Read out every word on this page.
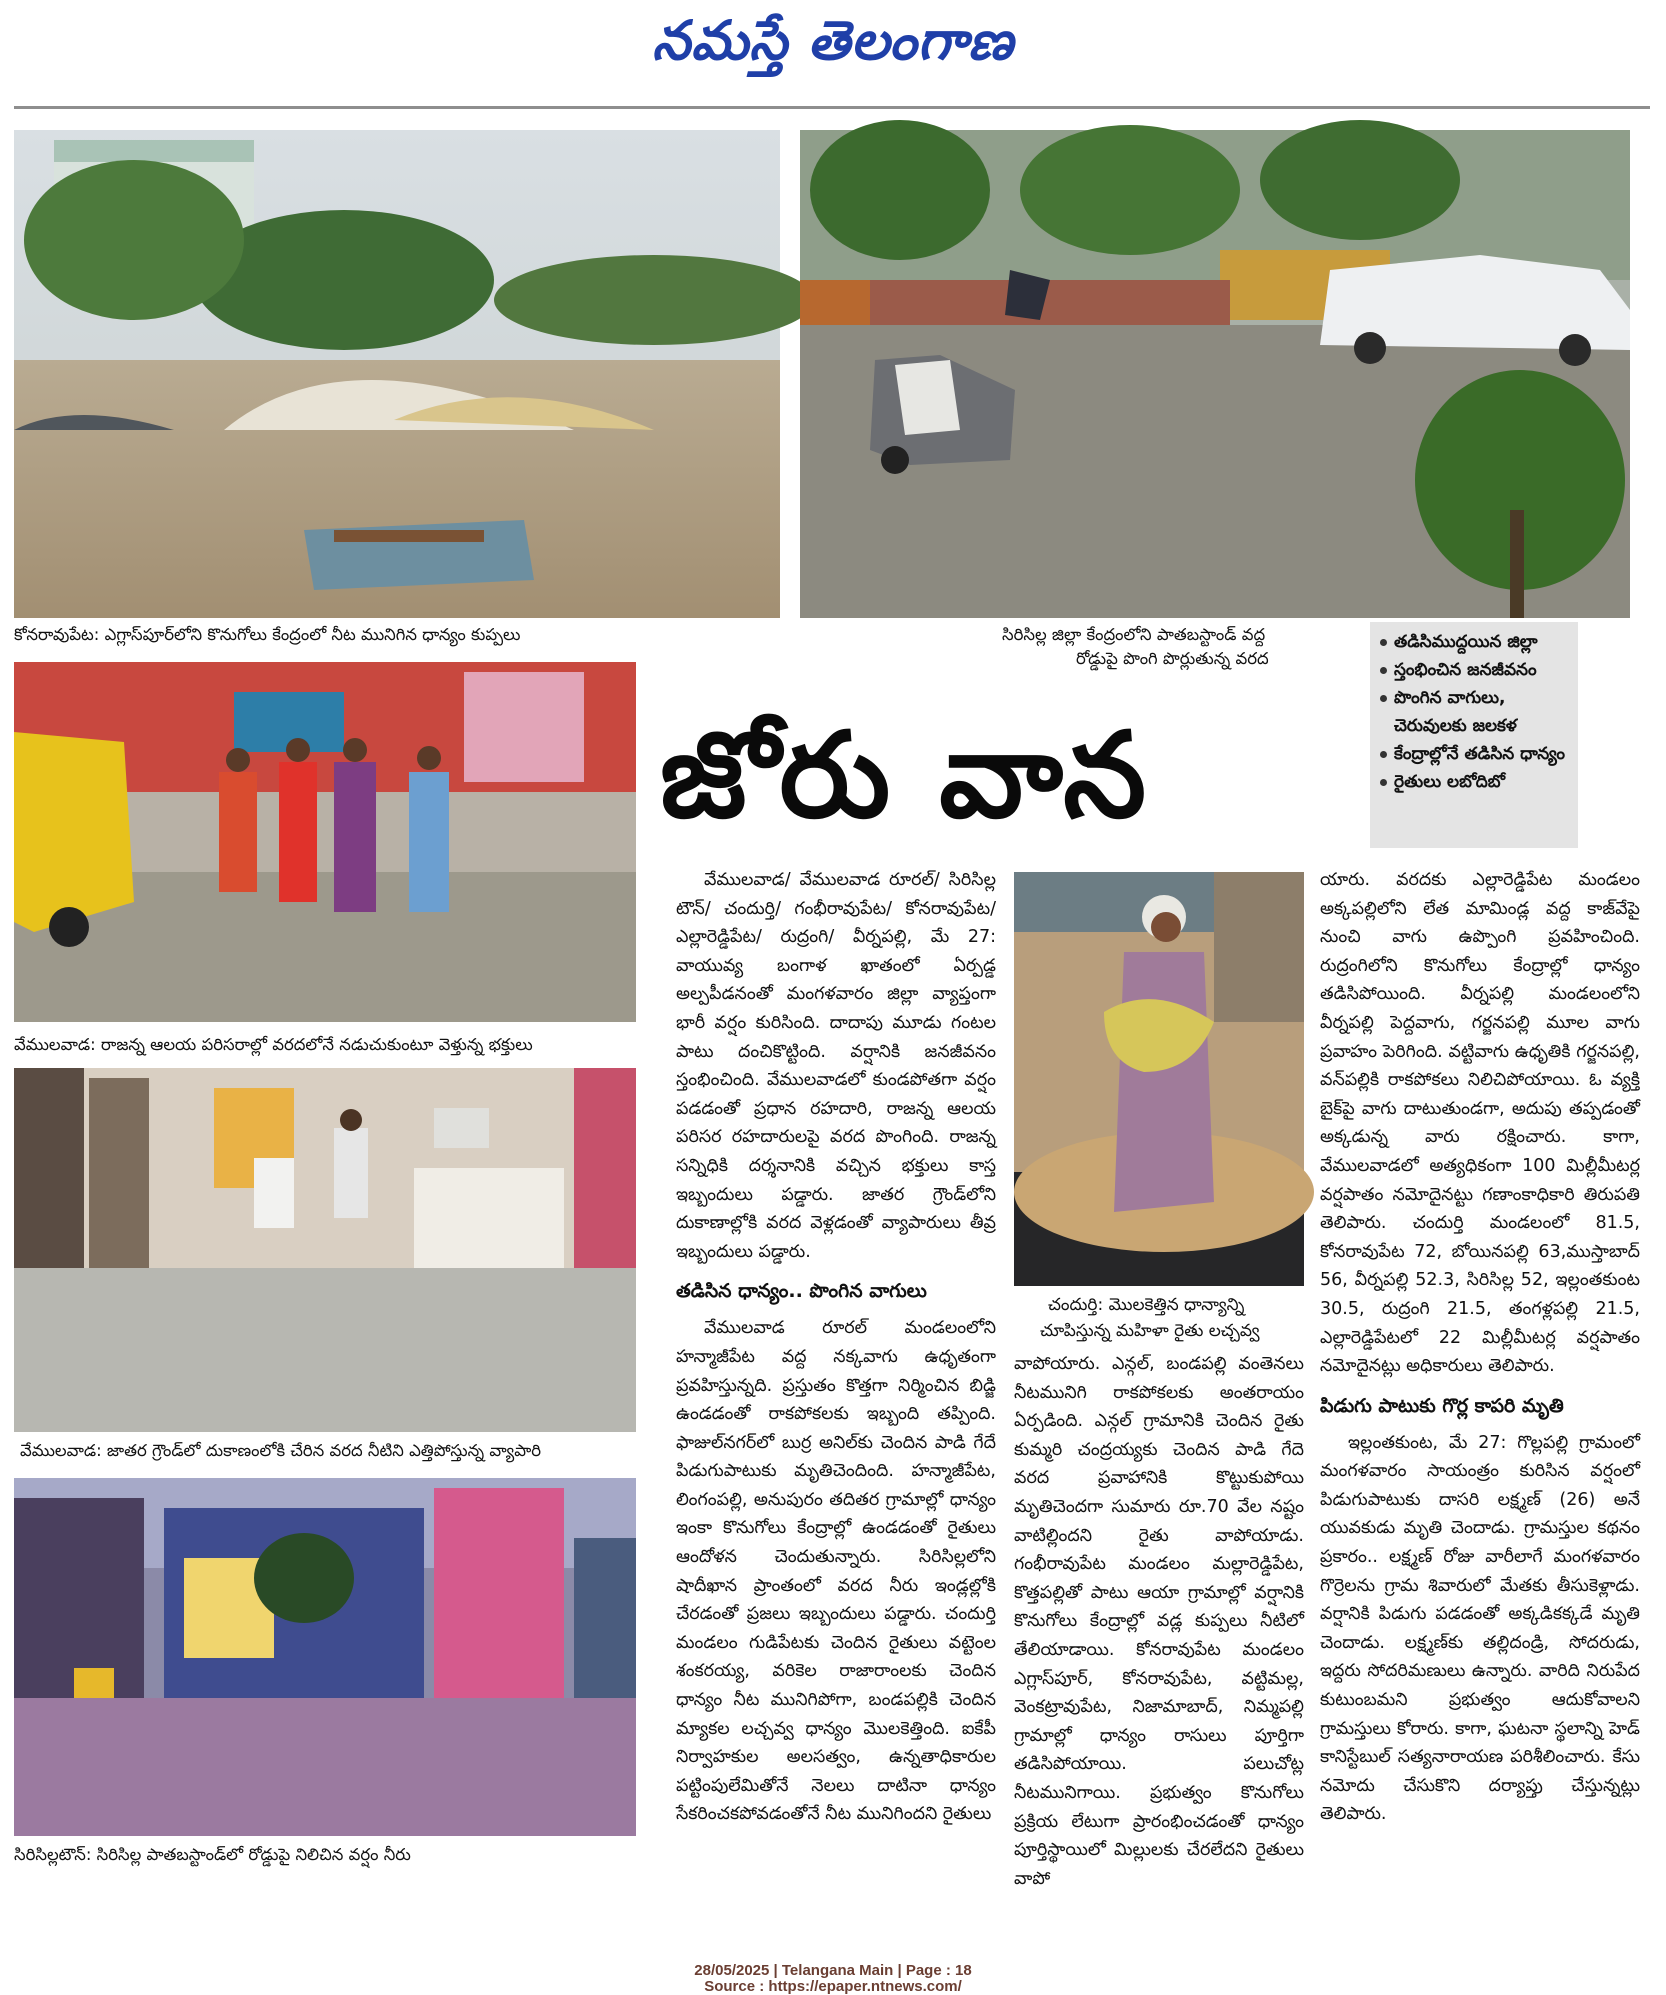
నమస్తే తెలంగాణ
కోనరావుపేట: ఎగ్లాస్‌పూర్‌లోని కొనుగోలు కేంద్రంలో నీట మునిగిన ధాన్యం కుప్పలు	సిరిసిల్ల జిల్లా కేంద్రంలోని పాతబస్టాండ్ వద్ద
రోడ్డుపై పొంగి పొర్లుతున్న వరద
తడిసిముద్దయిన జిల్లా
స్తంభించిన జనజీవనం
పొంగిన వాగులు,
చెరువులకు జలకళ
కేంద్రాల్లోనే తడిసిన ధాన్యం
రైతులు లబోదిబో
జోరు వాన
వేములవాడ: రాజన్న ఆలయ పరిసరాల్లో వరదలోనే నడుచుకుంటూ వెళ్తున్న భక్తులు
వేములవాడ: జాతర గ్రౌండ్‌లో దుకాణంలోకి చేరిన వరద నీటిని ఎత్తిపోస్తున్న వ్యాపారి
సిరిసిల్లటౌన్: సిరిసిల్ల పాతబస్టాండ్‌లో రోడ్డుపై నిలిచిన వర్షం నీరు
చందుర్తి: మొలకెత్తిన ధాన్యాన్ని
చూపిస్తున్న మహిళా రైతు లచ్చవ్వ

వేములవాడ/ వేములవాడ రూరల్/ సిరిసిల్ల టౌన్/ చందుర్తి/ గంభీరావుపేట/ కోనరావుపేట/ఎల్లారెడ్డిపేట/ రుద్రంగి/ వీర్నపల్లి, మే 27: వాయువ్య బంగాళ ఖాతంలో ఏర్పడ్డ అల్పపీడనంతో మంగళవారం జిల్లా వ్యాప్తంగా భారీ వర్షం కురిసింది. దాదాపు మూడు గంటల పాటు దంచికొట్టింది. వర్షానికి జనజీవనం స్తంభించింది. వేములవాడలో కుండపోతగా వర్షం పడడంతో ప్రధాన రహదారి, రాజన్న ఆలయ పరిసర రహదారులపై వరద పొంగింది. రాజన్న సన్నిధికి దర్శనానికి వచ్చిన భక్తులు కాస్త ఇబ్బందులు పడ్డారు. జాతర గ్రౌండ్‌లోని దుకాణాల్లోకి వరద వెళ్లడంతో వ్యాపారులు తీవ్ర ఇబ్బందులు పడ్డారు.

తడిసిన ధాన్యం.. పొంగిన వాగులు

వేములవాడ రూరల్ మండలంలోని హన్మాజీపేట వద్ద నక్కవాగు ఉధృతంగా ప్రవహిస్తున్నది. ప్రస్తుతం కొత్తగా నిర్మించిన బిడ్జి ఉండడంతో రాకపోకలకు ఇబ్బంది తప్పింది. ఫాజుల్‌నగర్‌లో బుర్ర అనిల్‌కు చెందిన పాడి గేదే పిడుగుపాటుకు మృతిచెందింది. హన్మాజీపేట, లింగంపల్లి, అనుపురం తదితర గ్రామాల్లో ధాన్యం ఇంకా కొనుగోలు కేంద్రాల్లో ఉండడంతో రైతులు ఆందోళన చెందుతున్నారు. సిరిసిల్లలోని షాదీఖాన ప్రాంతంలో వరద నీరు ఇండ్లల్లోకి చేరడంతో ప్రజలు ఇబ్బందులు పడ్డారు. చందుర్తి మండలం గుడిపేటకు చెందిన రైతులు వట్టెంల శంకరయ్య, వరికెల రాజారాంలకు చెందిన ధాన్యం నీట మునిగిపోగా, బండపల్లికి చెందిన మ్యాకల లచ్చవ్వ ధాన్యం మొలకెత్తింది. ఐకేపీ నిర్వాహకుల అలసత్వం, ఉన్నతాధికారుల పట్టింపులేమితోనే నెలలు దాటినా ధాన్యం సేకరించకపోవడంతోనే నీట మునిగిందని రైతులు

వాపోయారు. ఎన్గల్, బండపల్లి వంతెనలు నీటమునిగి రాకపోకలకు అంతరాయం ఏర్పడింది. ఎన్గల్ గ్రామానికి చెందిన రైతు కుమ్మరి చంద్రయ్యకు చెందిన పాడి గేదె వరద ప్రవాహానికి కొట్టుకుపోయి మృతిచెందగా సుమారు రూ.70 వేల నష్టం వాటిల్లిందని రైతు వాపోయాడు. గంభీరావుపేట మండలం మల్లారెడ్డిపేట, కొత్తపల్లితో పాటు ఆయా గ్రామాల్లో వర్షానికి కొనుగోలు కేంద్రాల్లో వడ్ల కుప్పలు నీటిలో తేలియాడాయి. కోనరావుపేట మండలం ఎగ్లాస్‌పూర్, కోనరావుపేట, వట్టిమల్ల, వెంకట్రావుపేట, నిజామాబాద్, నిమ్మపల్లి గ్రామాల్లో ధాన్యం రాసులు పూర్తిగా తడిసిపోయాయి. పలుచోట్ల నీటమునిగాయి. ప్రభుత్వం కొనుగోలు ప్రక్రియ లేటుగా ప్రారంభించడంతో ధాన్యం పూర్తిస్థాయిలో మిల్లులకు చేరలేదని రైతులు వాపో

యారు. వరదకు ఎల్లారెడ్డిపేట మండలం అక్కపల్లిలోని లేత మామిండ్ల వద్ద కాజ్‌వేపై నుంచి వాగు ఉప్పొంగి ప్రవహించింది. రుద్రంగిలోని కొనుగోలు కేంద్రాల్లో ధాన్యం తడిసిపోయింది. వీర్నపల్లి మండలంలోని వీర్నపల్లి పెద్దవాగు, గర్జనపల్లి మూల వాగు ప్రవాహం పెరిగింది. వట్టివాగు ఉధృతికి గర్జనపల్లి, వన్‌పల్లికి రాకపోకలు నిలిచిపోయాయి. ఓ వ్యక్తి బైక్‌పై వాగు దాటుతుండగా, అదుపు తప్పడంతో అక్కడున్న వారు రక్షించారు. కాగా, వేములవాడలో అత్యధికంగా 100 మిల్లీమీటర్ల వర్షపాతం నమోదైనట్టు గణాంకాధికారి తిరుపతి తెలిపారు. చందుర్తి మండలంలో 81.5, కోనరావుపేట 72, బోయినపల్లి 63,ముస్తాబాద్ 56, వీర్నపల్లి 52.3, సిరిసిల్ల 52, ఇల్లంతకుంట 30.5, రుద్రంగి 21.5, తంగళ్లపల్లి 21.5, ఎల్లారెడ్డిపేటలో 22 మిల్లీమీటర్ల వర్షపాతం నమోదైనట్లు అధికారులు తెలిపారు.

పిడుగు పాటుకు గొర్ల కాపరి మృతి

ఇల్లంతకుంట, మే 27: గొల్లపల్లి గ్రామంలో మంగళవారం సాయంత్రం కురిసిన వర్షంలో పిడుగుపాటుకు దాసరి లక్ష్మణ్ (26) అనే యువకుడు మృతి చెందాడు. గ్రామస్తుల కథనం ప్రకారం.. లక్ష్మణ్ రోజు వారీలాగే మంగళవారం గొర్రెలను గ్రామ శివారులో మేతకు తీసుకెళ్లాడు. వర్షానికి పిడుగు పడడంతో అక్కడికక్కడే మృతి చెందాడు. లక్ష్మణ్‌కు తల్లిదండ్రి, సోదరుడు, ఇద్దరు సోదరిమణులు ఉన్నారు. వారిది నిరుపేద కుటుంబమని ప్రభుత్వం ఆదుకోవాలని గ్రామస్తులు కోరారు. కాగా, ఘటనా స్థలాన్ని హెడ్ కానిస్టేబుల్ సత్యనారాయణ పరిశీలించారు. కేసు నమోదు చేసుకొని దర్యాప్తు చేస్తున్నట్లు తెలిపారు.

28/05/2025 | Telangana Main | Page : 18
Source : https://epaper.ntnews.com/
